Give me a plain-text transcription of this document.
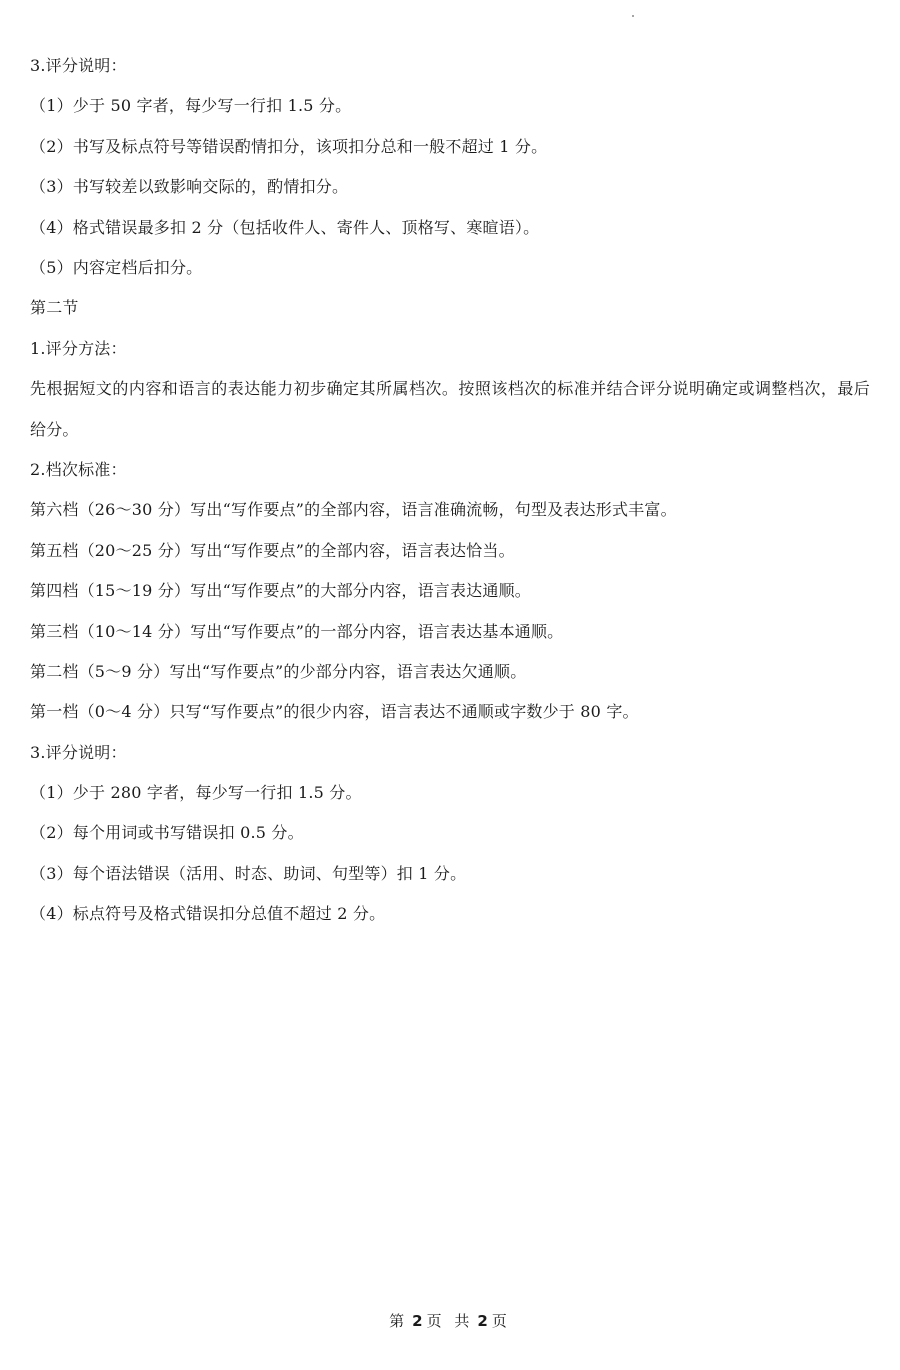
3.评分说明：
（1）少于 50 字者，每少写一行扣 1.5 分。
（2）书写及标点符号等错误酌情扣分，该项扣分总和一般不超过 1 分。
（3）书写较差以致影响交际的，酌情扣分。
（4）格式错误最多扣 2 分（包括收件人、寄件人、顶格写、寒暄语）。
（5）内容定档后扣分。
第二节
1.评分方法：
先根据短文的内容和语言的表达能力初步确定其所属档次。按照该档次的标准并结合评分说明确定或调整档次，最后给分。
2.档次标准：
第六档（26～30 分）写出“写作要点”的全部内容，语言准确流畅，句型及表达形式丰富。
第五档（20～25 分）写出“写作要点”的全部内容，语言表达恰当。
第四档（15～19 分）写出“写作要点”的大部分内容，语言表达通顺。
第三档（10～14 分）写出“写作要点”的一部分内容，语言表达基本通顺。
第二档（5～9 分）写出“写作要点”的少部分内容，语言表达欠通顺。
第一档（0～4 分）只写“写作要点”的很少内容，语言表达不通顺或字数少于 80 字。
3.评分说明：
（1）少于 280 字者，每少写一行扣 1.5 分。
（2）每个用词或书写错误扣 0.5 分。
（3）每个语法错误（活用、时态、助词、句型等）扣 1 分。
（4）标点符号及格式错误扣分总值不超过 2 分。
第 2 页 共 2 页
